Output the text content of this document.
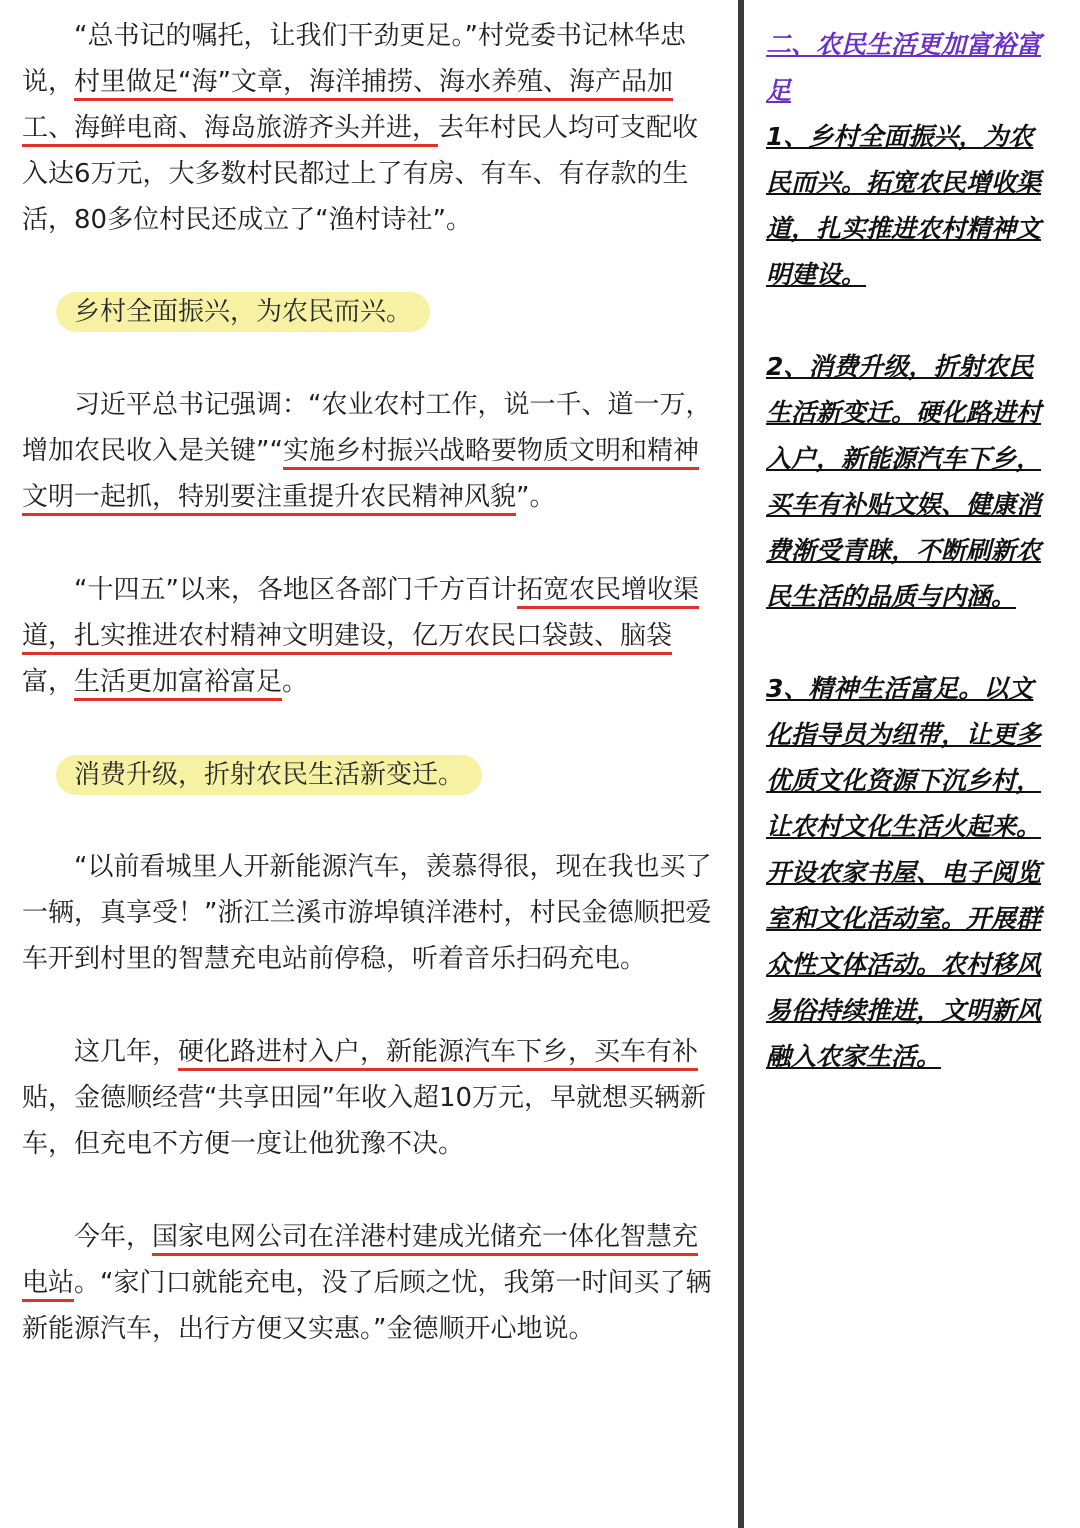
“总书记的嘱托，让我们干劲更足。”村党委书记林华忠
说，村里做足“海”文章，海洋捕捞、海水养殖、海产品加
工、海鲜电商、海岛旅游齐头并进，去年村民人均可支配收
入达6万元，大多数村民都过上了有房、有车、有存款的生
活，80多位村民还成立了“渔村诗社”。
乡村全面振兴，为农民而兴。
习近平总书记强调：“农业农村工作，说一千、道一万，
增加农民收入是关键”“实施乡村振兴战略要物质文明和精神
文明一起抓，特别要注重提升农民精神风貌”。
“十四五”以来，各地区各部门千方百计拓宽农民增收渠
道，扎实推进农村精神文明建设，亿万农民口袋鼓、脑袋
富，生活更加富裕富足。
消费升级，折射农民生活新变迁。
“以前看城里人开新能源汽车，羡慕得很，现在我也买了
一辆，真享受！”浙江兰溪市游埠镇洋港村，村民金德顺把爱
车开到村里的智慧充电站前停稳，听着音乐扫码充电。
这几年，硬化路进村入户，新能源汽车下乡，买车有补
贴，金德顺经营“共享田园”年收入超10万元，早就想买辆新
车，但充电不方便一度让他犹豫不决。
今年，国家电网公司在洋港村建成光储充一体化智慧充
电站。“家门口就能充电，没了后顾之忧，我第一时间买了辆
新能源汽车，出行方便又实惠。”金德顺开心地说。
二、农民生活更加富裕富
足
1、乡村全面振兴，为农
民而兴。拓宽农民增收渠
道，扎实推进农村精神文
明建设。
2、消费升级，折射农民
生活新变迁。硬化路进村
入户，新能源汽车下乡，
买车有补贴文娱、健康消
费渐受青睐，不断刷新农
民生活的品质与内涵。
3、精神生活富足。以文
化指导员为纽带，让更多
优质文化资源下沉乡村，
让农村文化生活火起来。
开设农家书屋、电子阅览
室和文化活动室。开展群
众性文体活动。农村移风
易俗持续推进，文明新风
融入农家生活。
